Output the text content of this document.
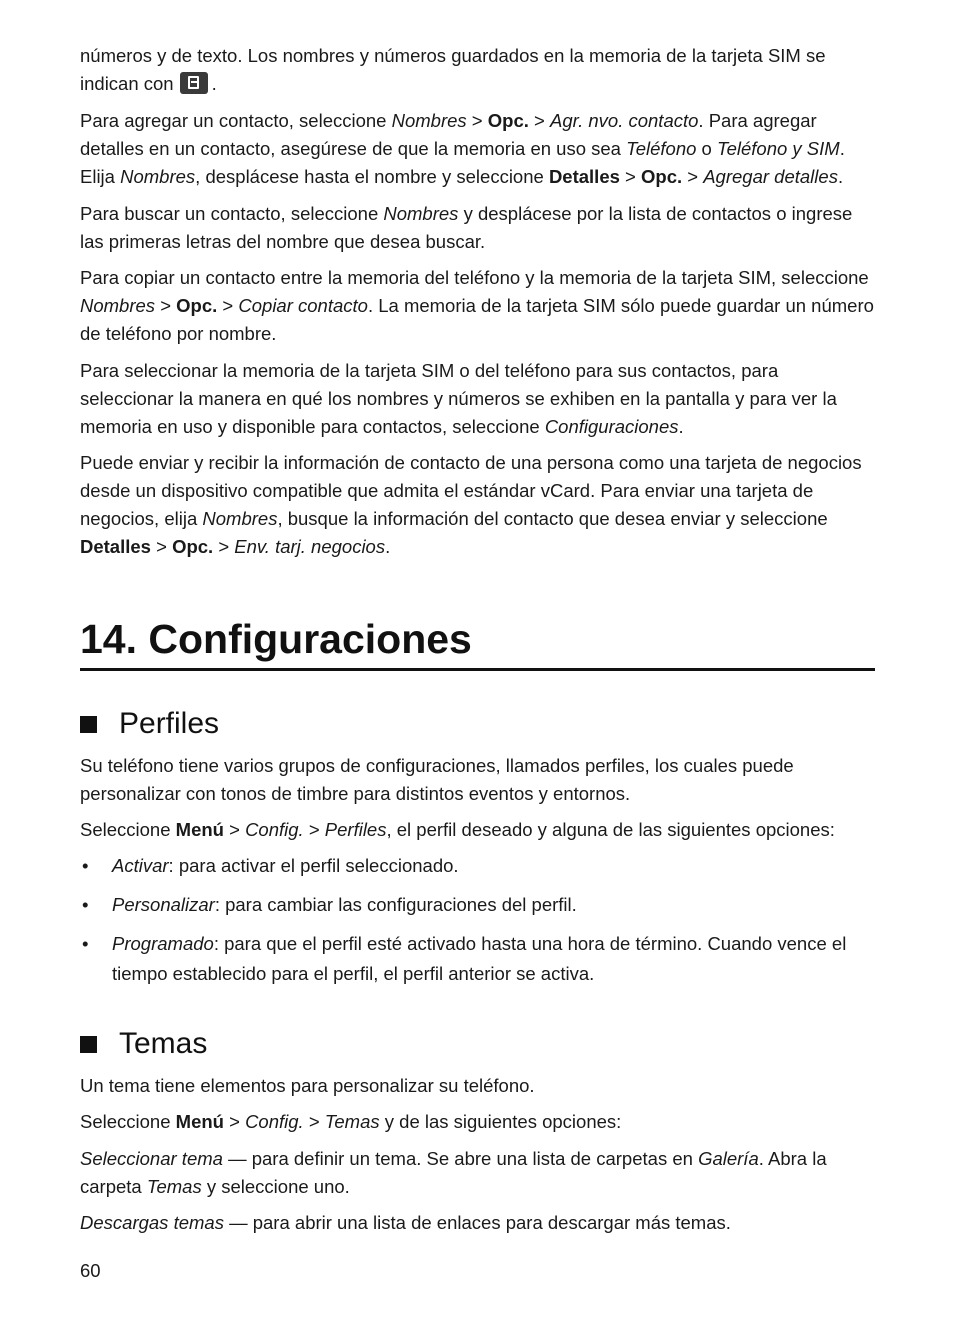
números y de texto. Los nombres y números guardados en la memoria de la tarjeta SIM se indican con .

Para agregar un contacto, seleccione Nombres > Opc. > Agr. nvo. contacto. Para agregar detalles en un contacto, asegúrese de que la memoria en uso sea Teléfono o Teléfono y SIM. Elija Nombres, desplácese hasta el nombre y seleccione Detalles > Opc. > Agregar detalles.

Para buscar un contacto, seleccione Nombres y desplácese por la lista de contactos o ingrese las primeras letras del nombre que desea buscar.

Para copiar un contacto entre la memoria del teléfono y la memoria de la tarjeta SIM, seleccione Nombres > Opc. > Copiar contacto. La memoria de la tarjeta SIM sólo puede guardar un número de teléfono por nombre.

Para seleccionar la memoria de la tarjeta SIM o del teléfono para sus contactos, para seleccionar la manera en qué los nombres y números se exhiben en la pantalla y para ver la memoria en uso y disponible para contactos, seleccione Configuraciones.

Puede enviar y recibir la información de contacto de una persona como una tarjeta de negocios desde un dispositivo compatible que admita el estándar vCard. Para enviar una tarjeta de negocios, elija Nombres, busque la información del contacto que desea enviar y seleccione Detalles > Opc. > Env. tarj. negocios.

14. Configuraciones
Perfiles

Su teléfono tiene varios grupos de configuraciones, llamados perfiles, los cuales puede personalizar con tonos de timbre para distintos eventos y entornos.

Seleccione Menú > Config. > Perfiles, el perfil deseado y alguna de las siguientes opciones:

• Activar: para activar el perfil seleccionado.
• Personalizar: para cambiar las configuraciones del perfil.
• Programado: para que el perfil esté activado hasta una hora de término. Cuando vence el tiempo establecido para el perfil, el perfil anterior se activa.
Temas

Un tema tiene elementos para personalizar su teléfono.

Seleccione Menú > Config. > Temas y de las siguientes opciones:

Seleccionar tema — para definir un tema. Se abre una lista de carpetas en Galería. Abra la carpeta Temas y seleccione uno.

Descargas temas — para abrir una lista de enlaces para descargar más temas.

60
